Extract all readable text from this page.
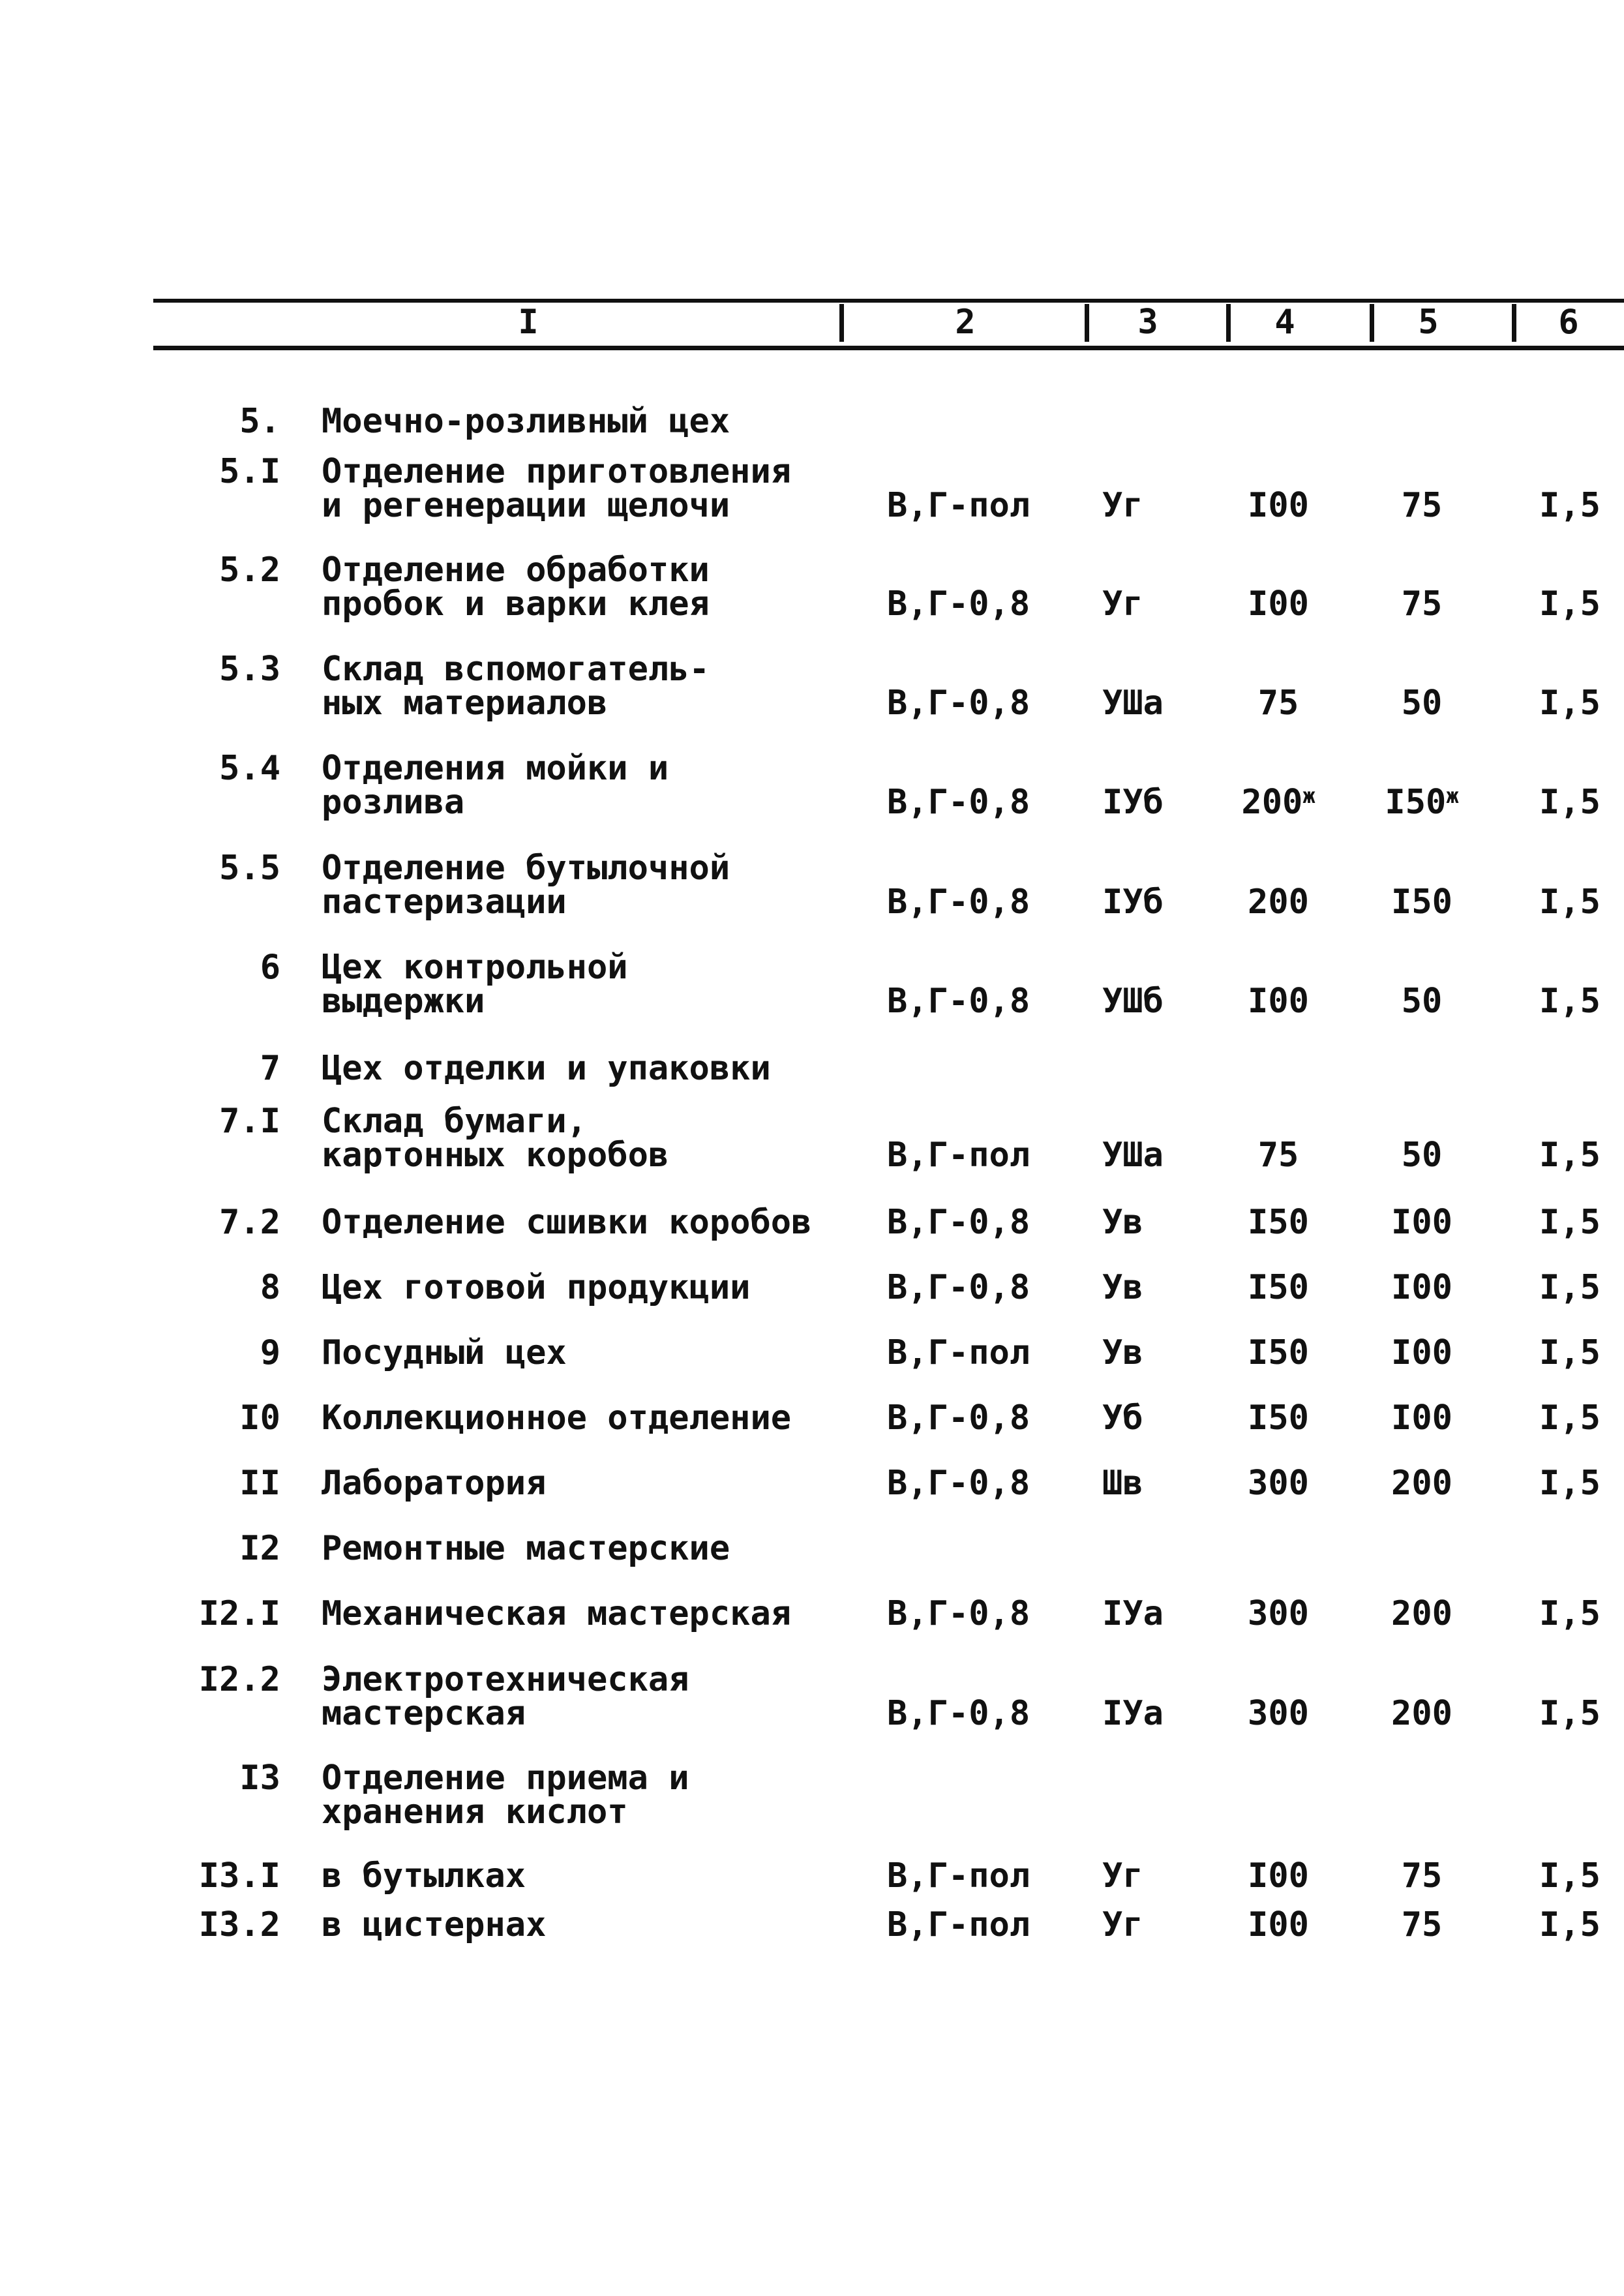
I	2	3	4	5	6
5. Моечно-розливный цех
5.I Отделение приготовления
и регенерации щелочи	В,Г-пол	Уг	I00	75	I,5
5.2 Отделение обработки
пробок и варки клея	В,Г-0,8	Уг	I00	75	I,5
5.3 Склад вспомогатель-
ных материалов	В,Г-0,8	УШа	75	50	I,5
5.4 Отделения мойки и
розлива	В,Г-0,8	IУб	$200^ж$	$I50^ж$	I,5
5.5 Отделение бутылочной
пастеризации	В,Г-0,8	IУб	200	I50	I,5
6 Цех контрольной
выдержки	В,Г-0,8	УШб	I00	50	I,5
7 Цех отделки и упаковки
7.I Склад бумаги,
картонных коробов	В,Г-пол	УШа	75	50	I,5
7.2 Отделение сшивки коробов	В,Г-0,8	Ув	I50	I00	I,5
8 Цех готовой продукции	В,Г-0,8	Ув	I50	I00	I,5
9 Посудный цех	В,Г-пол	Ув	I50	I00	I,5
I0 Коллекционное отделение	В,Г-0,8	Уб	I50	I00	I,5
II Лаборатория	В,Г-0,8	Шв	300	200	I,5
I2 Ремонтные мастерские
I2.I Механическая мастерская	В,Г-0,8	IУа	300	200	I,5
I2.2 Электротехническая
мастерская	В,Г-0,8	IУа	300	200	I,5
I3 Отделение приема и
хранения кислот
I3.I в бутылках	В,Г-пол	Уг	I00	75	I,5
I3.2 в цистернах	В,Г-пол	Уг	I00	75	I,5
